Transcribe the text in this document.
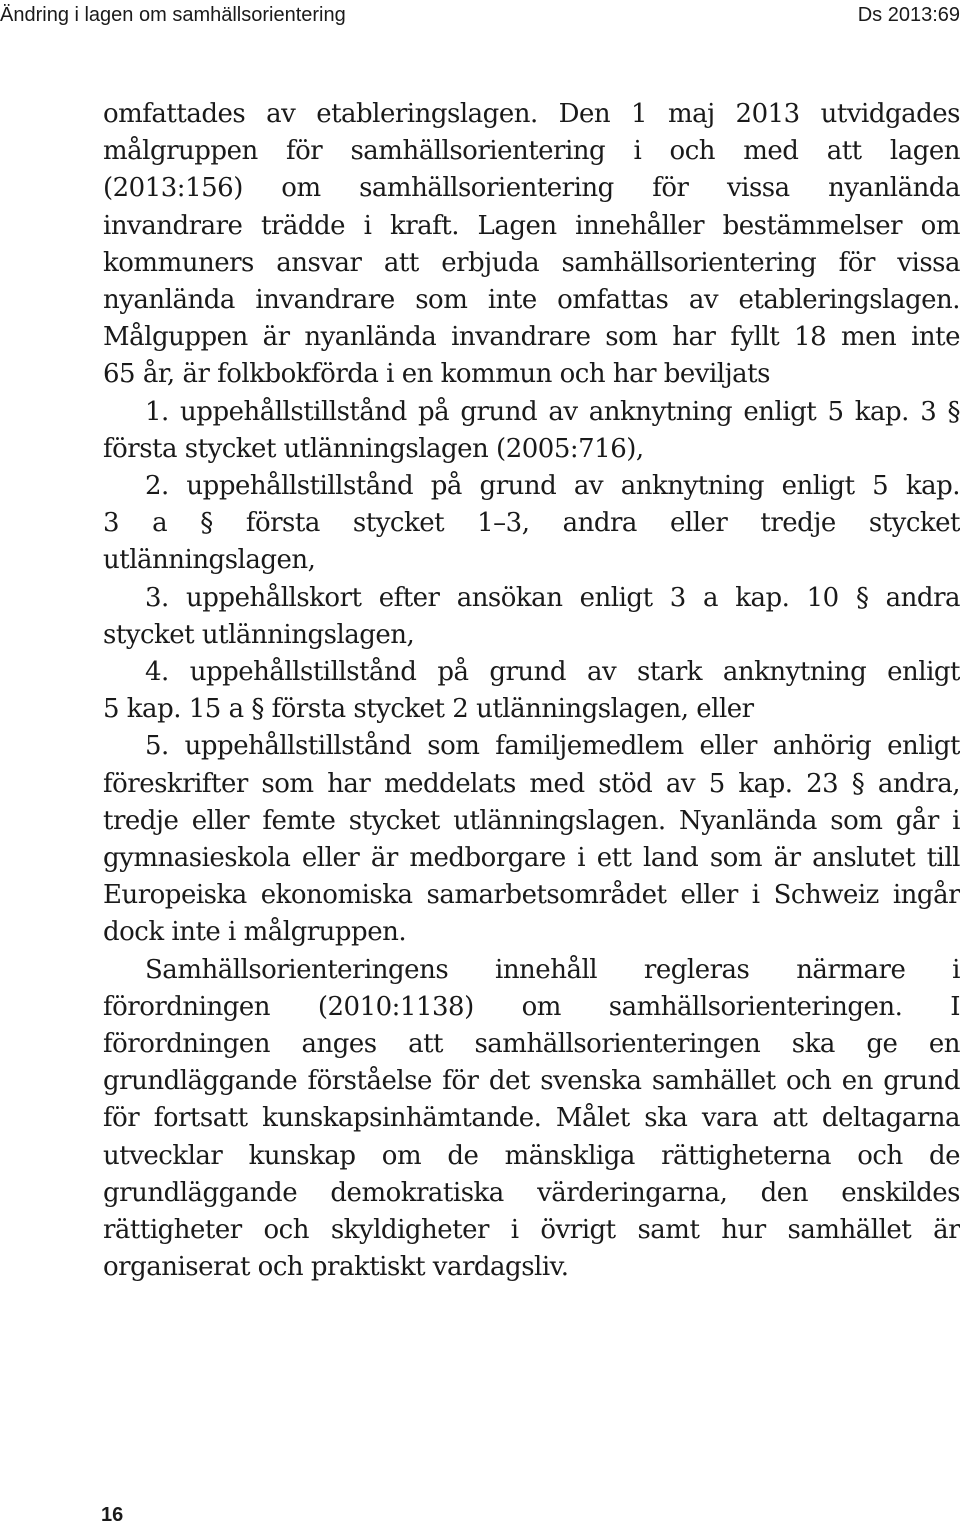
Ändring i lagen om samhällsorientering	Ds 2013:69

omfattades av etableringslagen. Den 1 maj 2013 utvidgades
målgruppen för samhällsorientering i och med att lagen
(2013:156) om samhällsorientering för vissa nyanlända
invandrare trädde i kraft. Lagen innehåller bestämmelser om
kommuners ansvar att erbjuda samhällsorientering för vissa
nyanlända invandrare som inte omfattas av etableringslagen.
Målguppen är nyanlända invandrare som har fyllt 18 men inte
65 år, är folkbokförda i en kommun och har beviljats

1. uppehållstillstånd på grund av anknytning enligt 5 kap. 3 §
första stycket utlänningslagen (2005:716),
2. uppehållstillstånd på grund av anknytning enligt 5 kap.
3 a § första stycket 1–3, andra eller tredje stycket
utlänningslagen,
3. uppehållskort efter ansökan enligt 3 a kap. 10 § andra
stycket utlänningslagen,
4. uppehållstillstånd på grund av stark anknytning enligt
5 kap. 15 a § första stycket 2 utlänningslagen, eller
5. uppehållstillstånd som familjemedlem eller anhörig enligt
föreskrifter som har meddelats med stöd av 5 kap. 23 § andra,
tredje eller femte stycket utlänningslagen. Nyanlända som går i
gymnasieskola eller är medborgare i ett land som är anslutet till
Europeiska ekonomiska samarbetsområdet eller i Schweiz ingår
dock inte i målgruppen.

Samhällsorienteringens innehåll regleras närmare i
förordningen (2010:1138) om samhällsorienteringen. I
förordningen anges att samhällsorienteringen ska ge en
grundläggande förståelse för det svenska samhället och en grund
för fortsatt kunskapsinhämtande. Målet ska vara att deltagarna
utvecklar kunskap om de mänskliga rättigheterna och de
grundläggande demokratiska värderingarna, den enskildes
rättigheter och skyldigheter i övrigt samt hur samhället är
organiserat och praktiskt vardagsliv.

16
